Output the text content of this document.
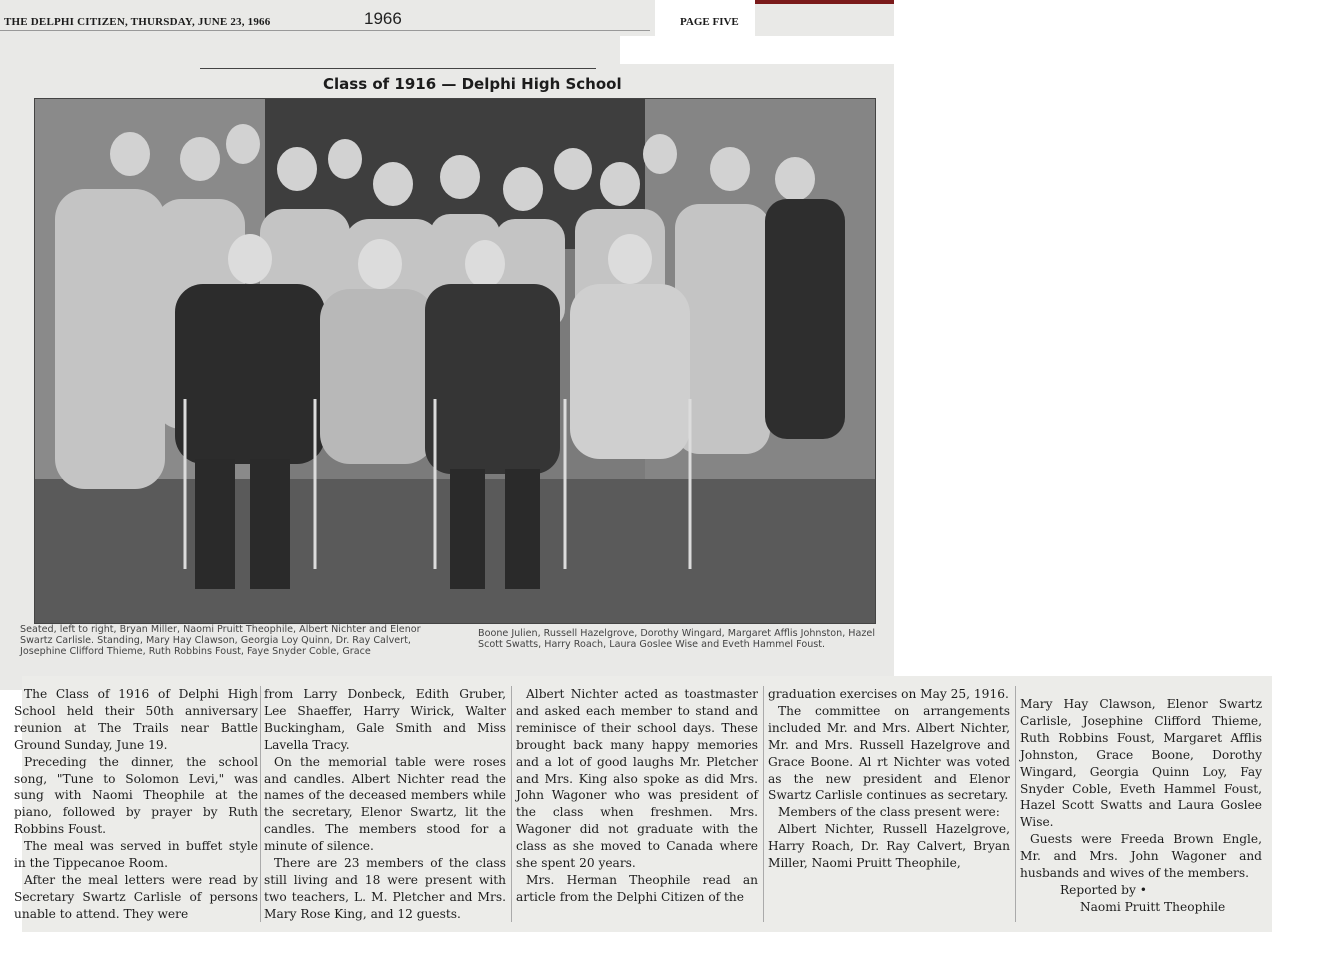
THE DELPHI CITIZEN, THURSDAY, JUNE 23, 1966	1966	PAGE FIVE
Class of 1916 — Delphi High School
Seated, left to right, Bryan Miller, Naomi Pruitt Theophile, Albert Nichter and Elenor Swartz Carlisle. Standing, Mary Hay Clawson, Georgia Loy Quinn, Dr. Ray Calvert, Josephine Clifford Thieme, Ruth Robbins Foust, Faye Snyder Coble, Grace
Boone Julien, Russell Hazelgrove, Dorothy Wingard, Margaret Afflis Johnston, Hazel Scott Swatts, Harry Roach, Laura Goslee Wise and Eveth Hammel Foust.

The Class of 1916 of Delphi High School held their 50th anniversary reunion at The Trails near Battle Ground Sunday, June 19.

Preceding the dinner, the school song, "Tune to Solomon Levi," was sung with Naomi Theophile at the piano, followed by prayer by Ruth Robbins Foust.

The meal was served in buffet style in the Tippecanoe Room.

After the meal letters were read by Secretary Swartz Carlisle of persons unable to attend. They were

from Larry Donbeck, Edith Gruber, Lee Shaeffer, Harry Wirick, Walter Buckingham, Gale Smith and Miss Lavella Tracy.

On the memorial table were roses and candles. Albert Nichter read the names of the deceased members while the secretary, Elenor Swartz, lit the candles. The members stood for a minute of silence.

There are 23 members of the class still living and 18 were present with two teachers, L. M. Pletcher and Mrs. Mary Rose King, and 12 guests.

Albert Nichter acted as toastmaster and asked each member to stand and reminisce of their school days. These brought back many happy memories and a lot of good laughs Mr. Pletcher and Mrs. King also spoke as did Mrs. John Wagoner who was president of the class when freshmen. Mrs. Wagoner did not graduate with the class as she moved to Canada where she spent 20 years.

Mrs. Herman Theophile read an article from the Delphi Citizen of the

graduation exercises on May 25, 1916.

The committee on arrangements included Mr. and Mrs. Albert Nichter, Mr. and Mrs. Russell Hazelgrove and Grace Boone. Al rt Nichter was voted as the new president and Elenor Swartz Carlisle continues as secretary.

Members of the class present were:

Albert Nichter, Russell Hazelgrove, Harry Roach, Dr. Ray Calvert, Bryan Miller, Naomi Pruitt Theophile,

Mary Hay Clawson, Elenor Swartz Carlisle, Josephine Clifford Thieme, Ruth Robbins Foust, Margaret Afflis Johnston, Grace Boone, Dorothy Wingard, Georgia Quinn Loy, Fay Snyder Coble, Eveth Hammel Foust, Hazel Scott Swatts and Laura Goslee Wise.

Guests were Freeda Brown Engle, Mr. and Mrs. John Wagoner and husbands and wives of the members.

Reported by •

Naomi Pruitt Theophile
